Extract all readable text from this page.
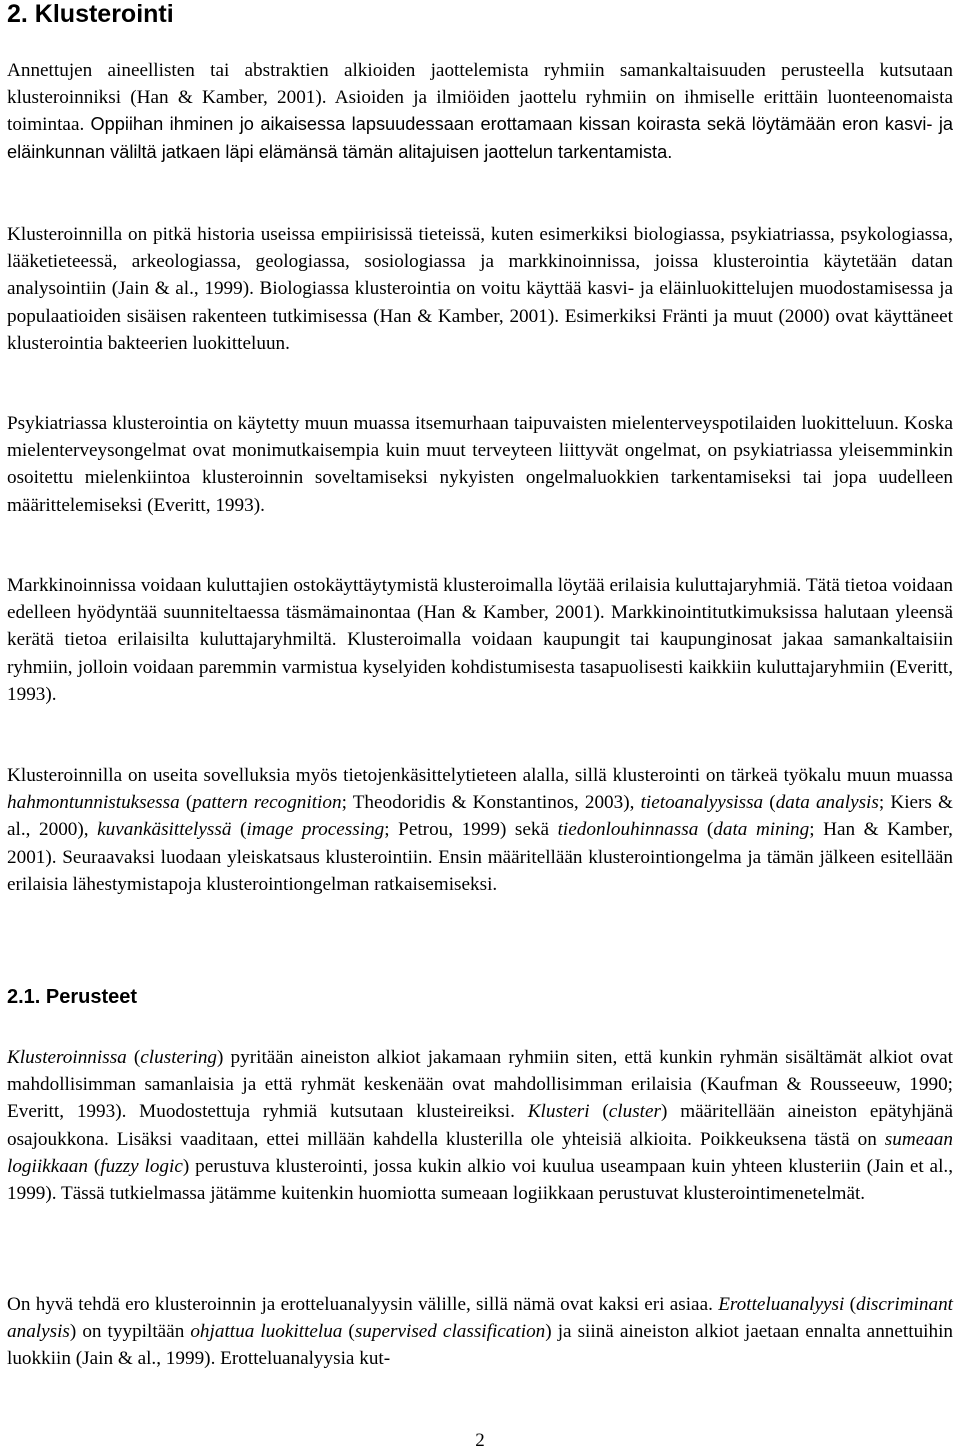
2. Klusterointi

Annettujen aineellisten tai abstraktien alkioiden jaottelemista ryhmiin samankaltaisuuden perusteella kutsutaan klusteroinniksi (Han & Kamber, 2001). Asioiden ja ilmiöiden jaottelu ryhmiin on ihmiselle erittäin luonteenomaista toimintaa. Oppiihan ihminen jo aikaisessa lapsuudessaan erottamaan kissan koirasta sekä löytämään eron kasvi- ja eläinkunnan väliltä jatkaen läpi elämänsä tämän alitajuisen jaottelun tarkentamista.

Klusteroinnilla on pitkä historia useissa empiirisissä tieteissä, kuten esimerkiksi biologiassa, psykiatriassa, psykologiassa, lääketieteessä, arkeologiassa, geologiassa, sosiologiassa ja markkinoinnissa, joissa klusterointia käytetään datan analysointiin (Jain & al., 1999). Biologiassa klusterointia on voitu käyttää kasvi- ja eläinluokittelujen muodostamisessa ja populaatioiden sisäisen rakenteen tutkimisessa (Han & Kamber, 2001). Esimerkiksi Fränti ja muut (2000) ovat käyttäneet klusterointia bakteerien luokitteluun.

Psykiatriassa klusterointia on käytetty muun muassa itsemurhaan taipuvaisten mielenterveyspotilaiden luokitteluun. Koska mielenterveysongelmat ovat monimutkaisempia kuin muut terveyteen liittyvät ongelmat, on psykiatriassa yleisemminkin osoitettu mielenkiintoa klusteroinnin soveltamiseksi nykyisten ongelmaluokkien tarkentamiseksi tai jopa uudelleen määrittelemiseksi (Everitt, 1993).

Markkinoinnissa voidaan kuluttajien ostokäyttäytymistä klusteroimalla löytää erilaisia kuluttajaryhmiä. Tätä tietoa voidaan edelleen hyödyntää suunniteltaessa täsmämainontaa (Han & Kamber, 2001). Markkinointitutkimuksissa halutaan yleensä kerätä tietoa erilaisilta kuluttajaryhmiltä. Klusteroimalla voidaan kaupungit tai kaupunginosat jakaa samankaltaisiin ryhmiin, jolloin voidaan paremmin varmistua kyselyiden kohdistumisesta tasapuolisesti kaikkiin kuluttajaryhmiin (Everitt, 1993).

Klusteroinnilla on useita sovelluksia myös tietojenkäsittelytieteen alalla, sillä klusterointi on tärkeä työkalu muun muassa hahmontunnistuksessa (pattern recognition; Theodoridis & Konstantinos, 2003), tietoanalyysissa (data analysis; Kiers & al., 2000), kuvankäsittelyssä (image processing; Petrou, 1999) sekä tiedonlouhinnassa (data mining; Han & Kamber, 2001). Seuraavaksi luodaan yleiskatsaus klusterointiin. Ensin määritellään klusterointiongelma ja tämän jälkeen esitellään erilaisia lähestymistapoja klusterointiongelman ratkaisemiseksi.

2.1. Perusteet

Klusteroinnissa (clustering) pyritään aineiston alkiot jakamaan ryhmiin siten, että kunkin ryhmän sisältämät alkiot ovat mahdollisimman samanlaisia ja että ryhmät keskenään ovat mahdollisimman erilaisia (Kaufman & Rousseeuw, 1990; Everitt, 1993). Muodostettuja ryhmiä kutsutaan klusteireiksi. Klusteri (cluster) määritellään aineiston epätyhjänä osajoukkona. Lisäksi vaaditaan, ettei millään kahdella klusterilla ole yhteisiä alkioita. Poikkeuksena tästä on sumeaan logiikkaan (fuzzy logic) perustuva klusterointi, jossa kukin alkio voi kuulua useampaan kuin yhteen klusteriin (Jain et al., 1999). Tässä tutkielmassa jätämme kuitenkin huomiotta sumeaan logiikkaan perustuvat klusterointimenetelmät.

On hyvä tehdä ero klusteroinnin ja erotteluanalyysin välille, sillä nämä ovat kaksi eri asiaa. Erotteluanalyysi (discriminant analysis) on tyypiltään ohjattua luokittelua (supervised classification) ja siinä aineiston alkiot jaetaan ennalta annettuihin luokkiin (Jain & al., 1999). Erotteluanalyysia kut-

2
